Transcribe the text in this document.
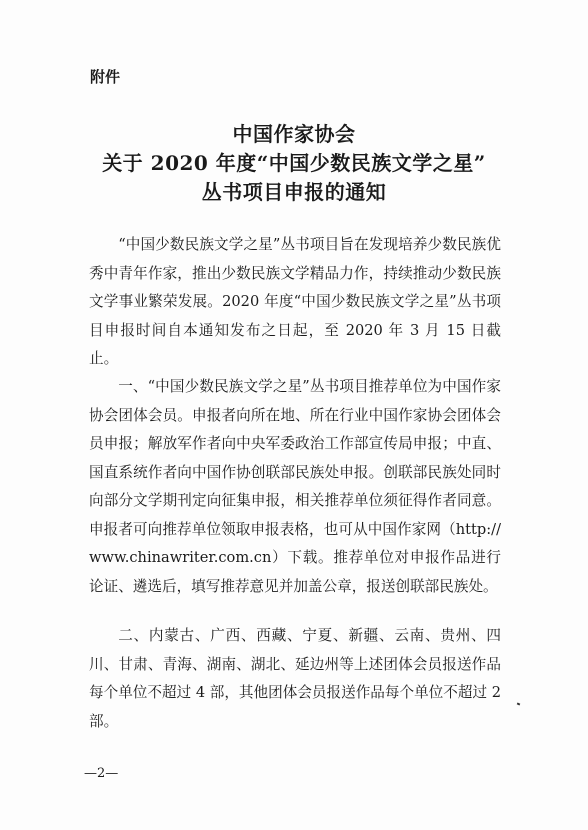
附件
中国作家协会
关于 2020 年度“中国少数民族文学之星”
丛书项目申报的通知

“中国少数民族文学之星”丛书项目旨在发现培养少数民族优秀中青年作家，推出少数民族文学精品力作，持续推动少数民族文学事业繁荣发展。2020 年度“中国少数民族文学之星”丛书项目申报时间自本通知发布之日起，至 2020 年 3 月 15 日截止。

一、“中国少数民族文学之星”丛书项目推荐单位为中国作家协会团体会员。申报者向所在地、所在行业中国作家协会团体会员申报；解放军作者向中央军委政治工作部宣传局申报；中直、国直系统作者向中国作协创联部民族处申报。创联部民族处同时向部分文学期刊定向征集申报，相关推荐单位须征得作者同意。申报者可向推荐单位领取申报表格，也可从中国作家网（http://www.chinawriter.com.cn）下载。推荐单位对申报作品进行论证、遴选后，填写推荐意见并加盖公章，报送创联部民族处。

二、内蒙古、广西、西藏、宁夏、新疆、云南、贵州、四川、甘肃、青海、湖南、湖北、延边州等上述团体会员报送作品每个单位不超过 4 部，其他团体会员报送作品每个单位不超过 2 部。

—2—
